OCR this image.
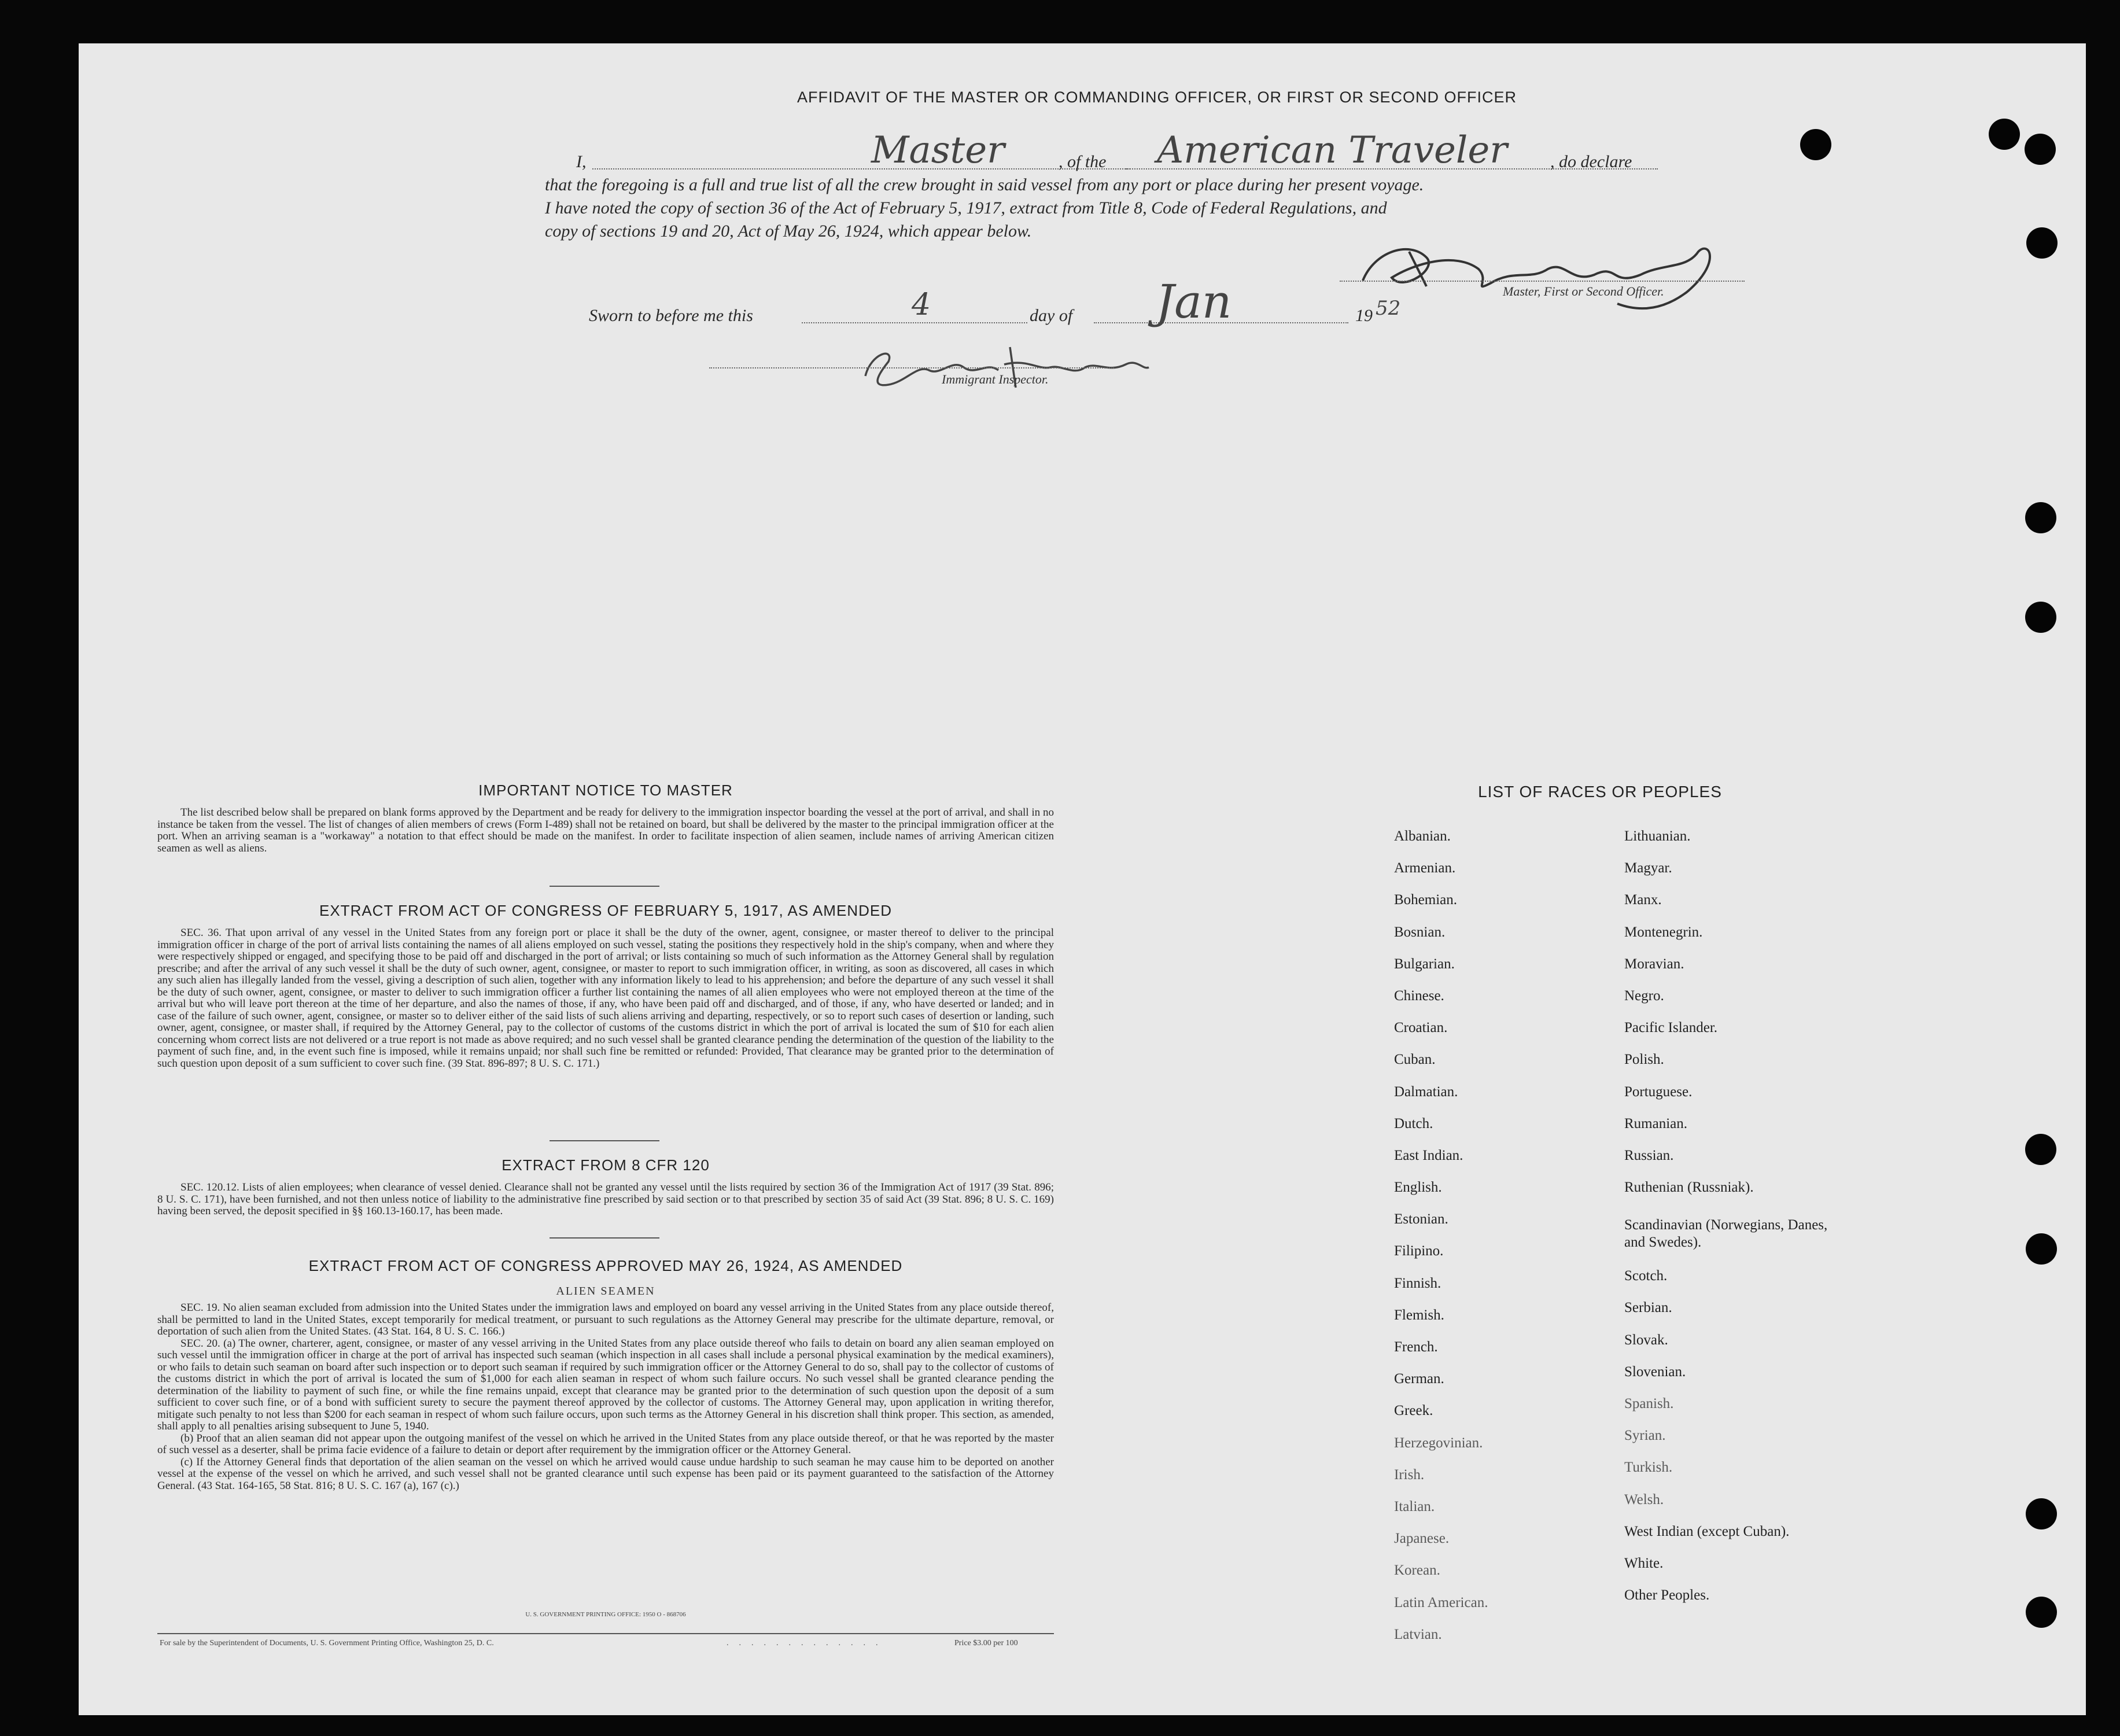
AFFIDAVIT OF THE MASTER OR COMMANDING OFFICER, OR FIRST OR SECOND OFFICER
I,	Master	, of the American Traveler , do declare
that the foregoing is a full and true list of all the crew brought in said vessel from any port or place during her present voyage.
I have noted the copy of section 36 of the Act of February 5, 1917, extract from Title 8, Code of Federal Regulations, and
copy of sections 19 and 20, Act of May 26, 1924, which appear below.
Master, First or Second Officer.
Sworn to before me this	4	day of Jan	19 52
Immigrant Inspector.
IMPORTANT NOTICE TO MASTER

The list described below shall be prepared on blank forms approved by the Department and be ready for delivery to the immigration inspector boarding the vessel at the port of arrival, and shall in no instance be taken from the vessel. The list of changes of alien members of crews (Form I-489) shall not be retained on board, but shall be delivered by the master to the principal immigration officer at the port. When an arriving seaman is a "workaway" a notation to that effect should be made on the manifest. In order to facilitate inspection of alien seamen, include names of arriving American citizen seamen as well as aliens.

EXTRACT FROM ACT OF CONGRESS OF FEBRUARY 5, 1917, AS AMENDED

SEC. 36. That upon arrival of any vessel in the United States from any foreign port or place it shall be the duty of the owner, agent, consignee, or master thereof to deliver to the principal immigration officer in charge of the port of arrival lists containing the names of all aliens employed on such vessel, stating the positions they respectively hold in the ship's company, when and where they were respectively shipped or engaged, and specifying those to be paid off and discharged in the port of arrival; or lists containing so much of such information as the Attorney General shall by regulation prescribe; and after the arrival of any such vessel it shall be the duty of such owner, agent, consignee, or master to report to such immigration officer, in writing, as soon as discovered, all cases in which any such alien has illegally landed from the vessel, giving a description of such alien, together with any information likely to lead to his apprehension; and before the departure of any such vessel it shall be the duty of such owner, agent, consignee, or master to deliver to such immigration officer a further list containing the names of all alien employees who were not employed thereon at the time of the arrival but who will leave port thereon at the time of her departure, and also the names of those, if any, who have been paid off and discharged, and of those, if any, who have deserted or landed; and in case of the failure of such owner, agent, consignee, or master so to deliver either of the said lists of such aliens arriving and departing, respectively, or so to report such cases of desertion or landing, such owner, agent, consignee, or master shall, if required by the Attorney General, pay to the collector of customs of the customs district in which the port of arrival is located the sum of $10 for each alien concerning whom correct lists are not delivered or a true report is not made as above required; and no such vessel shall be granted clearance pending the determination of the question of the liability to the payment of such fine, and, in the event such fine is imposed, while it remains unpaid; nor shall such fine be remitted or refunded: Provided, That clearance may be granted prior to the determination of such question upon deposit of a sum sufficient to cover such fine. (39 Stat. 896-897; 8 U. S. C. 171.)

EXTRACT FROM 8 CFR 120

SEC. 120.12. Lists of alien employees; when clearance of vessel denied. Clearance shall not be granted any vessel until the lists required by section 36 of the Immigration Act of 1917 (39 Stat. 896; 8 U. S. C. 171), have been furnished, and not then unless notice of liability to the administrative fine prescribed by said section or to that prescribed by section 35 of said Act (39 Stat. 896; 8 U. S. C. 169) having been served, the deposit specified in §§ 160.13-160.17, has been made.

EXTRACT FROM ACT OF CONGRESS APPROVED MAY 26, 1924, AS AMENDED
ALIEN SEAMEN

SEC. 19. No alien seaman excluded from admission into the United States under the immigration laws and employed on board any vessel arriving in the United States from any place outside thereof, shall be permitted to land in the United States, except temporarily for medical treatment, or pursuant to such regulations as the Attorney General may prescribe for the ultimate departure, removal, or deportation of such alien from the United States. (43 Stat. 164, 8 U. S. C. 166.)

SEC. 20. (a) The owner, charterer, agent, consignee, or master of any vessel arriving in the United States from any place outside thereof who fails to detain on board any alien seaman employed on such vessel until the immigration officer in charge at the port of arrival has inspected such seaman (which inspection in all cases shall include a personal physical examination by the medical examiners), or who fails to detain such seaman on board after such inspection or to deport such seaman if required by such immigration officer or the Attorney General to do so, shall pay to the collector of customs of the customs district in which the port of arrival is located the sum of $1,000 for each alien seaman in respect of whom such failure occurs. No such vessel shall be granted clearance pending the determination of the liability to payment of such fine, or while the fine remains unpaid, except that clearance may be granted prior to the determination of such question upon the deposit of a sum sufficient to cover such fine, or of a bond with sufficient surety to secure the payment thereof approved by the collector of customs. The Attorney General may, upon application in writing therefor, mitigate such penalty to not less than $200 for each seaman in respect of whom such failure occurs, upon such terms as the Attorney General in his discretion shall think proper. This section, as amended, shall apply to all penalties arising subsequent to June 5, 1940.

(b) Proof that an alien seaman did not appear upon the outgoing manifest of the vessel on which he arrived in the United States from any place outside thereof, or that he was reported by the master of such vessel as a deserter, shall be prima facie evidence of a failure to detain or deport after requirement by the immigration officer or the Attorney General.

(c) If the Attorney General finds that deportation of the alien seaman on the vessel on which he arrived would cause undue hardship to such seaman he may cause him to be deported on another vessel at the expense of the vessel on which he arrived, and such vessel shall not be granted clearance until such expense has been paid or its payment guaranteed to the satisfaction of the Attorney General. (43 Stat. 164-165, 58 Stat. 816; 8 U. S. C. 167 (a), 167 (c).)

U. S. GOVERNMENT PRINTING OFFICE: 1950 O - 868706
For sale by the Superintendent of Documents, U. S. Government Printing Office, Washington 25, D. C.	.............	Price $3.00 per 100
LIST OF RACES OR PEOPLES
Albanian.
Armenian.
Bohemian.
Bosnian.
Bulgarian.
Chinese.
Croatian.
Cuban.
Dalmatian.
Dutch.
East Indian.
English.
Estonian.
Filipino.
Finnish.
Flemish.
French.
German.
Greek.
Herzegovinian.
Irish.
Italian.
Japanese.
Korean.
Latin American.
Latvian.
Lithuanian.
Magyar.
Manx.
Montenegrin.
Moravian.
Negro.
Pacific Islander.
Polish.
Portuguese.
Rumanian.
Russian.
Ruthenian (Russniak).
Scandinavian (Norwegians, Danes, and Swedes).
Scotch.
Serbian.
Slovak.
Slovenian.
Spanish.
Syrian.
Turkish.
Welsh.
West Indian (except Cuban).
White.
Other Peoples.
